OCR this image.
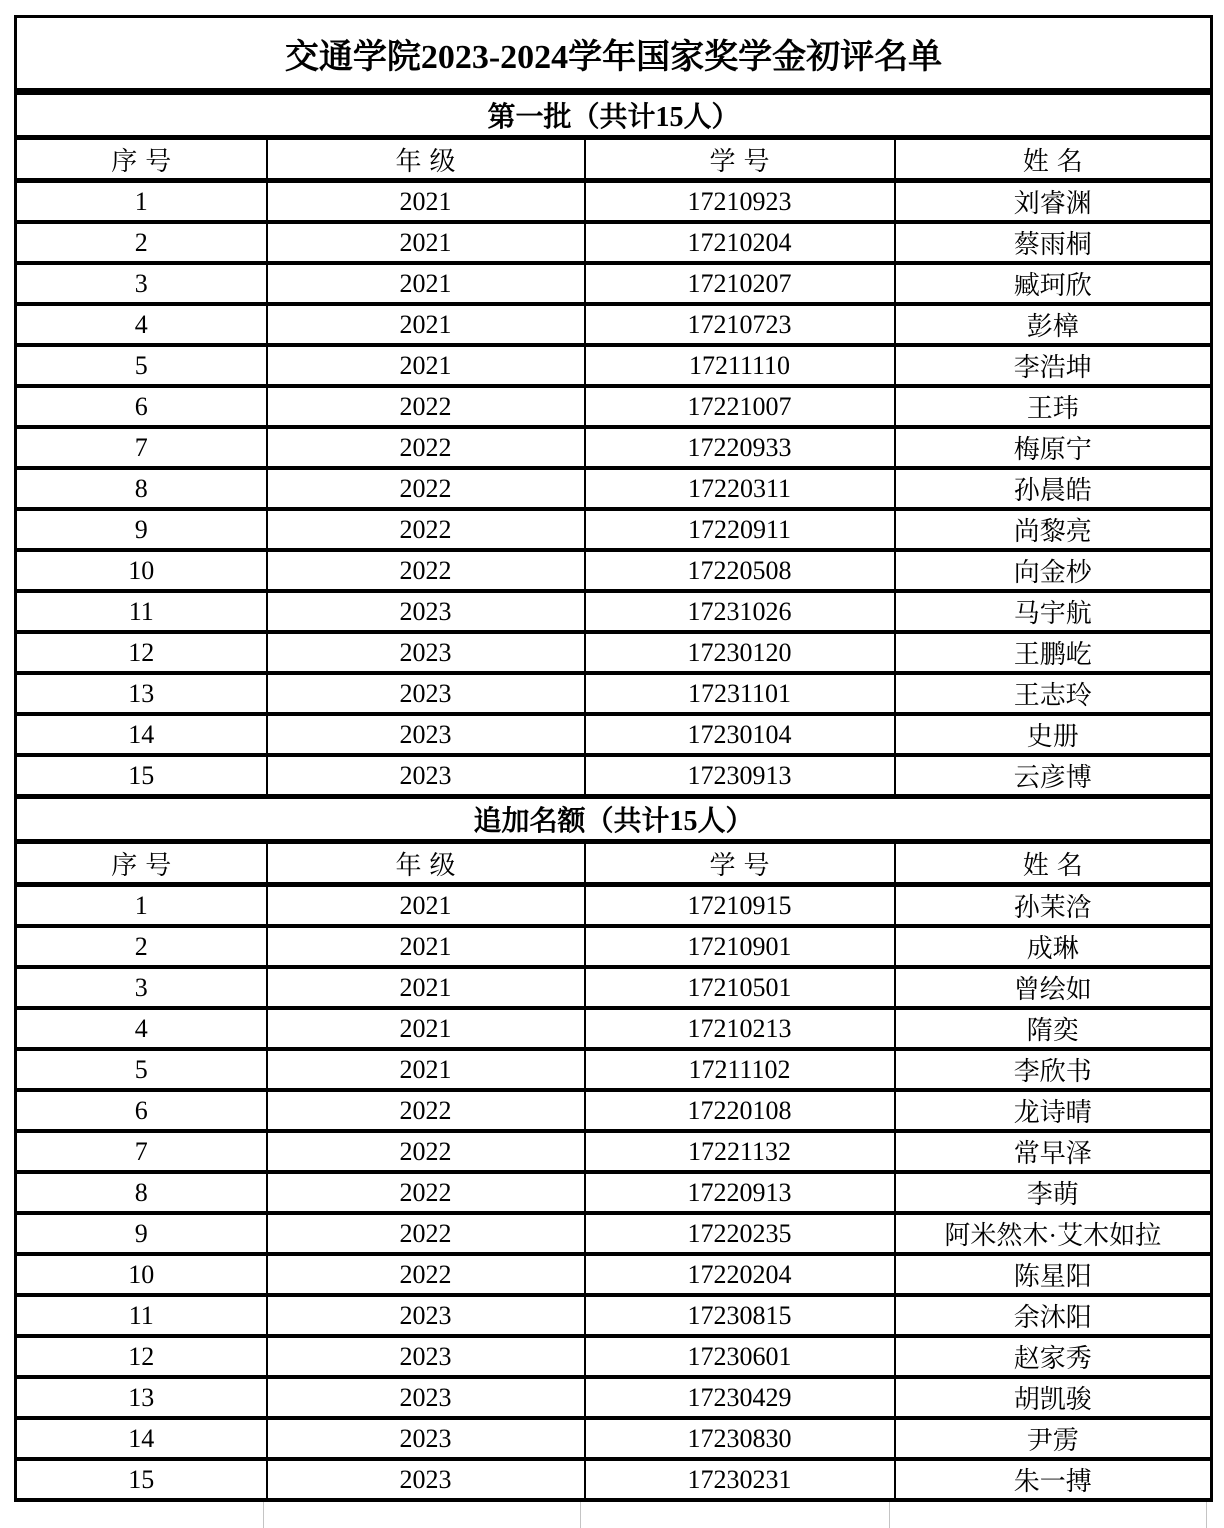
交通学院2023-2024学年国家奖学金初评名单			
第一批（共计15人）			
序号	年级	学号	姓名
1	2021	17210923	刘睿渊
2	2021	17210204	蔡雨桐
3	2021	17210207	臧珂欣
4	2021	17210723	彭樟
5	2021	17211110	李浩坤
6	2022	17221007	王玮
7	2022	17220933	梅原宁
8	2022	17220311	孙晨皓
9	2022	17220911	尚黎亮
10	2022	17220508	向金杪
11	2023	17231026	马宇航
12	2023	17230120	王鹏屹
13	2023	17231101	王志玲
14	2023	17230104	史册
15	2023	17230913	云彦博
追加名额（共计15人）			
序号	年级	学号	姓名
1	2021	17210915	孙茉浛
2	2021	17210901	成琳
3	2021	17210501	曾绘如
4	2021	17210213	隋奕
5	2021	17211102	李欣书
6	2022	17220108	龙诗晴
7	2022	17221132	常早泽
8	2022	17220913	李萌
9	2022	17220235	阿米然木·艾木如拉
10	2022	17220204	陈星阳
11	2023	17230815	余沐阳
12	2023	17230601	赵家秀
13	2023	17230429	胡凯骏
14	2023	17230830	尹雳
15	2023	17230231	朱一搏
